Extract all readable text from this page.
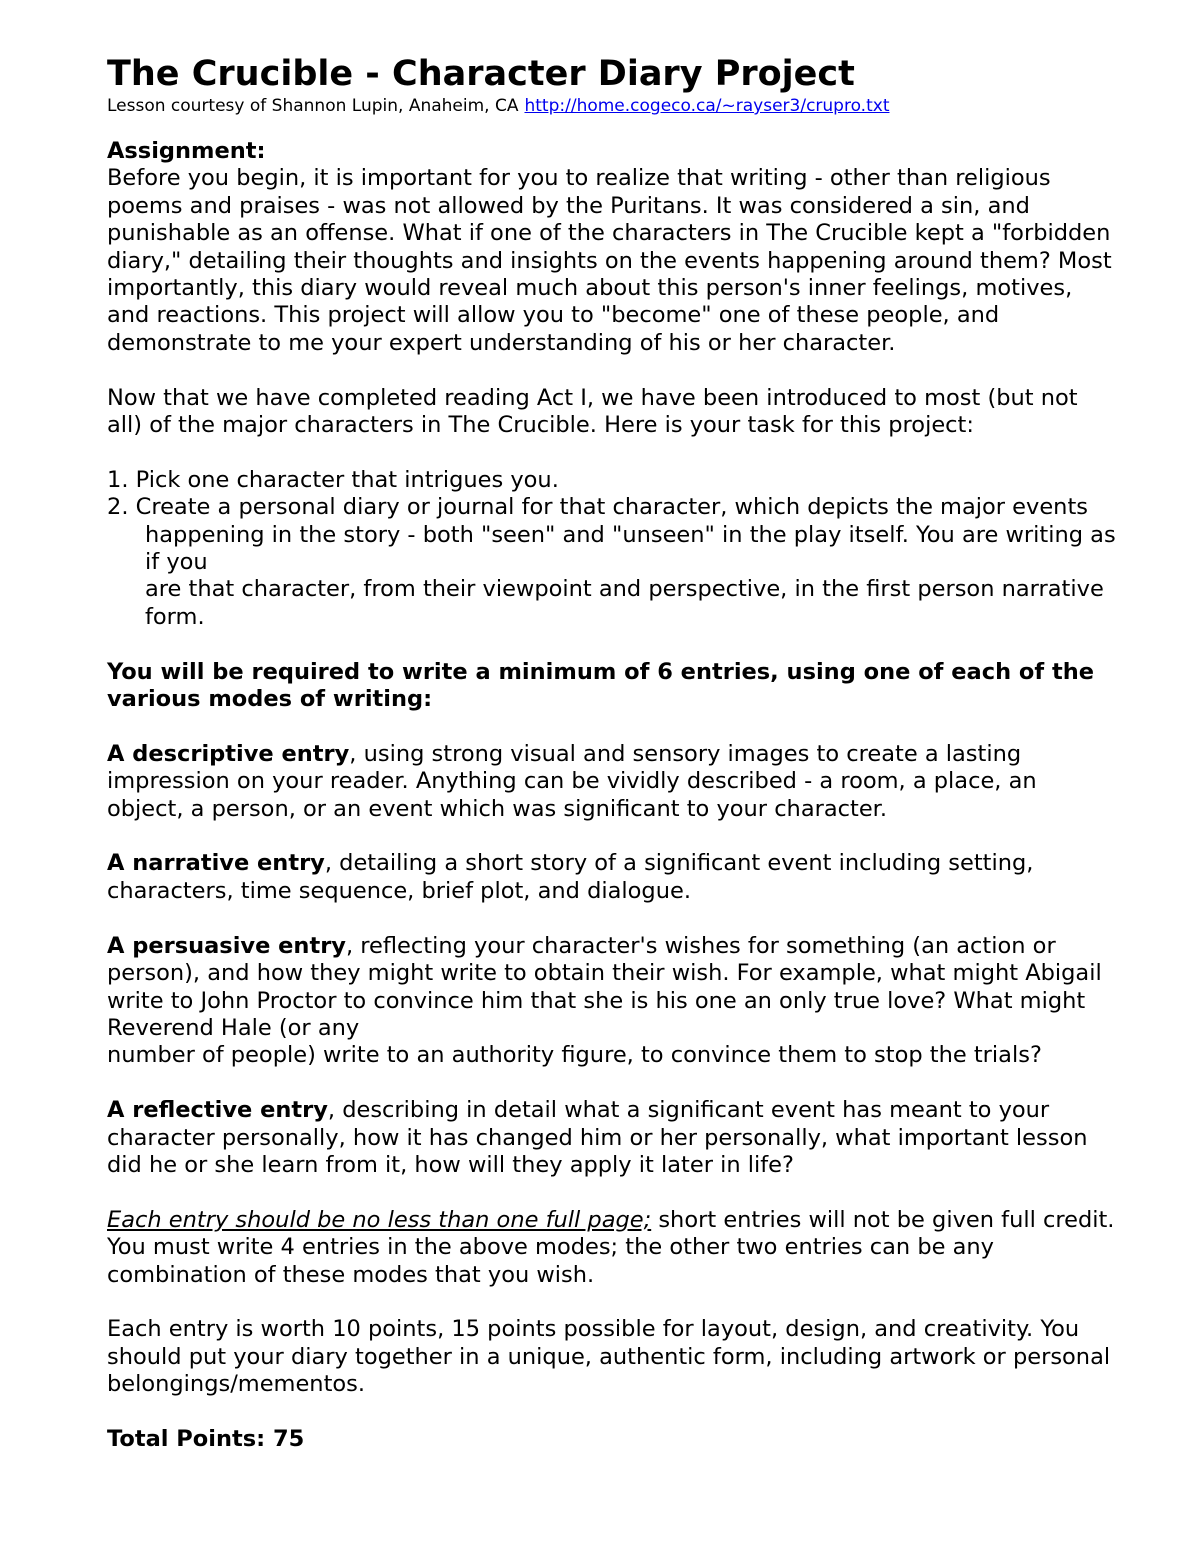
The Crucible - Character Diary Project
Lesson courtesy of Shannon Lupin, Anaheim, CA http://home.cogeco.ca/~rayser3/crupro.txt
Assignment:

Before you begin, it is important for you to realize that writing - other than religious poems and praises - was not allowed by the Puritans. It was considered a sin, and punishable as an offense. What if one of the characters in The Crucible kept a "forbidden diary," detailing their thoughts and insights on the events happening around them? Most importantly, this diary would reveal much about this person's inner feelings, motives, and reactions. This project will allow you to "become" one of these people, and demonstrate to me your expert understanding of his or her character.

Now that we have completed reading Act I, we have been introduced to most (but not all) of the major characters in The Crucible. Here is your task for this project:

1. Pick one character that intrigues you.
2. Create a personal diary or journal for that character, which depicts the major events
happening in the story - both "seen" and "unseen" in the play itself. You are writing as if you
are that character, from their viewpoint and perspective, in the first person narrative form.

You will be required to write a minimum of 6 entries, using one of each of the various modes of writing:

A descriptive entry, using strong visual and sensory images to create a lasting impression on your reader. Anything can be vividly described - a room, a place, an object, a person, or an event which was significant to your character.

A narrative entry, detailing a short story of a significant event including setting, characters, time sequence, brief plot, and dialogue.

A persuasive entry, reflecting your character's wishes for something (an action or person), and how they might write to obtain their wish. For example, what might Abigail write to John Proctor to convince him that she is his one an only true love? What might Reverend Hale (or any
number of people) write to an authority figure, to convince them to stop the trials?

A reflective entry, describing in detail what a significant event has meant to your character personally, how it has changed him or her personally, what important lesson did he or she learn from it, how will they apply it later in life?

Each entry should be no less than one full page; short entries will not be given full credit. You must write 4 entries in the above modes; the other two entries can be any combination of these modes that you wish.

Each entry is worth 10 points, 15 points possible for layout, design, and creativity. You should put your diary together in a unique, authentic form, including artwork or personal belongings/mementos.

Total Points: 75
